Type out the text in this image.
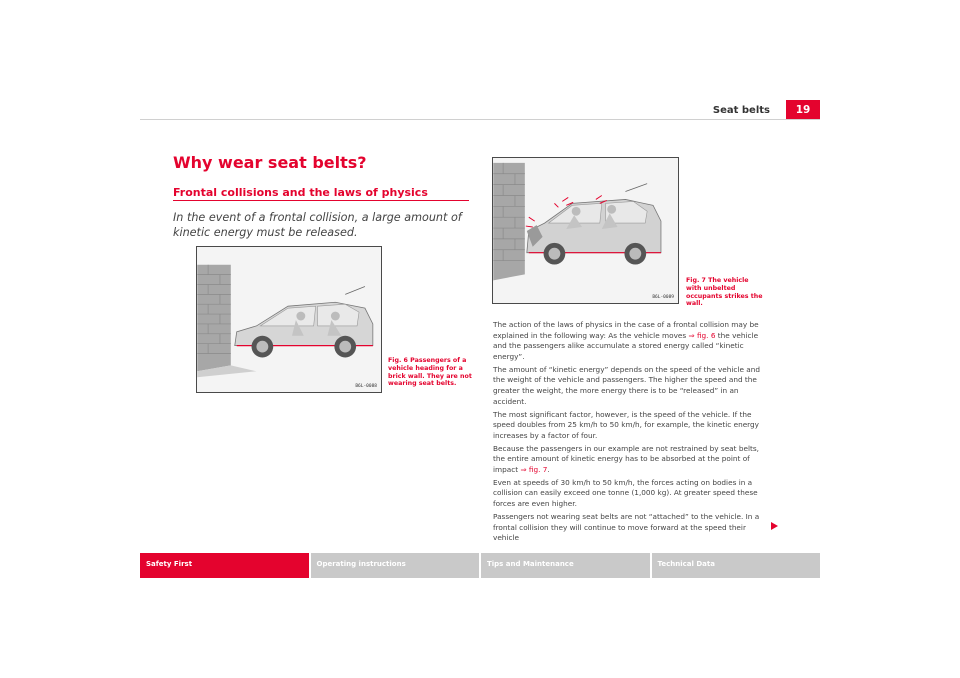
Seat belts	19
Why wear seat belts?
Frontal collisions and the laws of physics
In the event of a frontal collision, a large amount of kinetic energy must be released.
B6L-0088
Fig. 6 Passengers of a vehicle heading for a brick wall. They are not wearing seat belts.
B6L-0089
Fig. 7 The vehicle with unbelted occupants strikes the wall.

The action of the laws of physics in the case of a frontal collision may be explained in the following way: As the vehicle moves ⇒ fig. 6 the vehicle and the passengers alike accumulate a stored energy called “kinetic energy”.

The amount of “kinetic energy” depends on the speed of the vehicle and the weight of the vehicle and passengers. The higher the speed and the greater the weight, the more energy there is to be “released” in an accident.

The most significant factor, however, is the speed of the vehicle. If the speed doubles from 25 km/h to 50 km/h, for example, the kinetic energy increases by a factor of four.

Because the passengers in our example are not restrained by seat belts, the entire amount of kinetic energy has to be absorbed at the point of impact ⇒ fig. 7.

Even at speeds of 30 km/h to 50 km/h, the forces acting on bodies in a collision can easily exceed one tonne (1,000 kg). At greater speed these forces are even higher.

Passengers not wearing seat belts are not “attached” to the vehicle. In a frontal collision they will continue to move forward at the speed their vehicle

Safety First	Operating instructions	Tips and Maintenance	Technical Data
